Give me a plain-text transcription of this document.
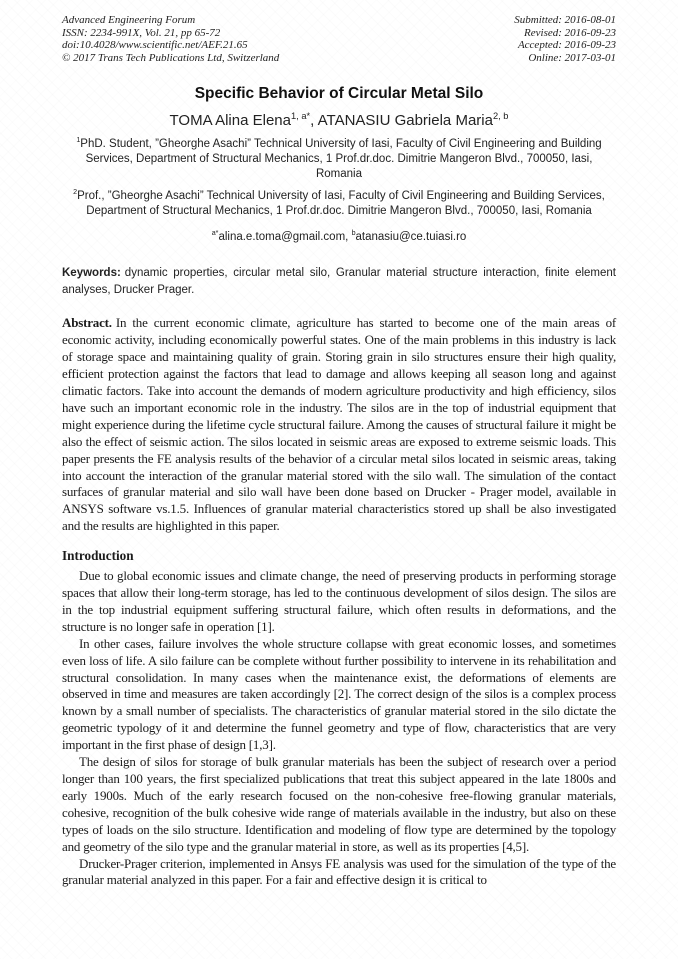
Advanced Engineering Forum
ISSN: 2234-991X, Vol. 21, pp 65-72
doi:10.4028/www.scientific.net/AEF.21.65
© 2017 Trans Tech Publications Ltd, Switzerland
Submitted: 2016-08-01
Revised: 2016-09-23
Accepted: 2016-09-23
Online: 2017-03-01
Specific Behavior of Circular Metal Silo
TOMA Alina Elena$^{1, a*}$, ATANASIU Gabriela Maria$^{2, b}$
$^1$PhD. Student, ”Gheorghe Asachi” Technical University of Iasi, Faculty of Civil Engineering and Building Services, Department of Structural Mechanics, 1 Prof.dr.doc. Dimitrie Mangeron Blvd., 700050, Iasi, Romania
$^2$Prof., ”Gheorghe Asachi” Technical University of Iasi, Faculty of Civil Engineering and Building Services, Department of Structural Mechanics, 1 Prof.dr.doc. Dimitrie Mangeron Blvd., 700050, Iasi, Romania
$^{a*}$alina.e.toma@gmail.com, $^b$atanasiu@ce.tuiasi.ro
Keywords: dynamic properties, circular metal silo, Granular material structure interaction, finite element analyses, Drucker Prager.
Abstract. In the current economic climate, agriculture has started to become one of the main areas of economic activity, including economically powerful states. One of the main problems in this industry is lack of storage space and maintaining quality of grain. Storing grain in silo structures ensure their high quality, efficient protection against the factors that lead to damage and allows keeping all season long and against climatic factors. Take into account the demands of modern agriculture productivity and high efficiency, silos have such an important economic role in the industry. The silos are in the top of industrial equipment that might experience during the lifetime cycle structural failure. Among the causes of structural failure it might be also the effect of seismic action. The silos located in seismic areas are exposed to extreme seismic loads. This paper presents the FE analysis results of the behavior of a circular metal silos located in seismic areas, taking into account the interaction of the granular material stored with the silo wall. The simulation of the contact surfaces of granular material and silo wall have been done based on Drucker - Prager model, available in ANSYS software vs.1.5. Influences of granular material characteristics stored up shall be also investigated and the results are highlighted in this paper.
Introduction

Due to global economic issues and climate change, the need of preserving products in performing storage spaces that allow their long-term storage, has led to the continuous development of silos design. The silos are in the top industrial equipment suffering structural failure, which often results in deformations, and the structure is no longer safe in operation [1].

In other cases, failure involves the whole structure collapse with great economic losses, and sometimes even loss of life. A silo failure can be complete without further possibility to intervene in its rehabilitation and structural consolidation. In many cases when the maintenance exist, the deformations of elements are observed in time and measures are taken accordingly [2]. The correct design of the silos is a complex process known by a small number of specialists. The characteristics of granular material stored in the silo dictate the geometric typology of it and determine the funnel geometry and type of flow, characteristics that are very important in the first phase of design [1,3].

The design of silos for storage of bulk granular materials has been the subject of research over a period longer than 100 years, the first specialized publications that treat this subject appeared in the late 1800s and early 1900s. Much of the early research focused on the non-cohesive free-flowing granular materials, cohesive, recognition of the bulk cohesive wide range of materials available in the industry, but also on these types of loads on the silo structure. Identification and modeling of flow type are determined by the topology and geometry of the silo type and the granular material in store, as well as its properties [4,5].

Drucker-Prager criterion, implemented in Ansys FE analysis was used for the simulation of the type of the granular material analyzed in this paper. For a fair and effective design it is critical to
